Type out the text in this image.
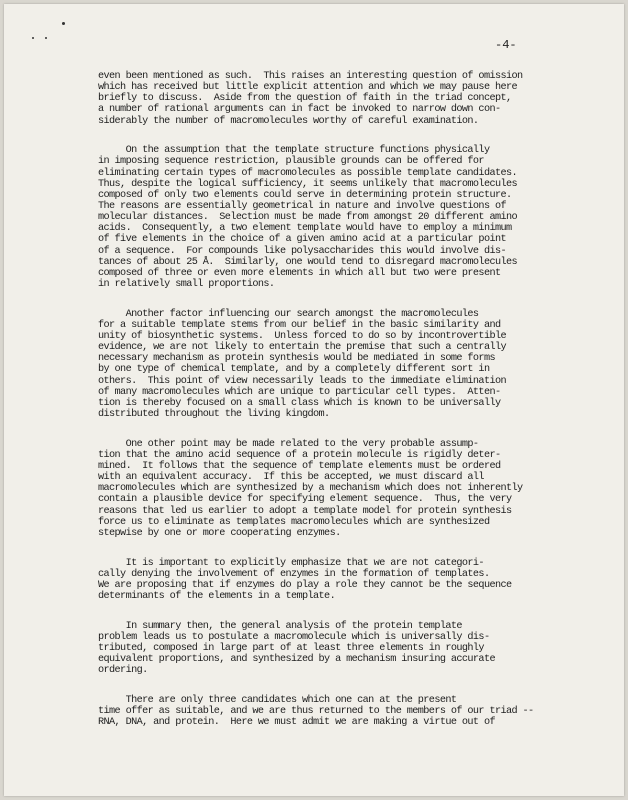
-4-
even been mentioned as such.  This raises an interesting question of omission
which has received but little explicit attention and which we may pause here
briefly to discuss.  Aside from the question of faith in the triad concept,
a number of rational arguments can in fact be invoked to narrow down con-
siderably the number of macromolecules worthy of careful examination.
On the assumption that the template structure functions physically
in imposing sequence restriction, plausible grounds can be offered for
eliminating certain types of macromolecules as possible template candidates.
Thus, despite the logical sufficiency, it seems unlikely that macromolecules
composed of only two elements could serve in determining protein structure.
The reasons are essentially geometrical in nature and involve questions of
molecular distances.  Selection must be made from amongst 20 different amino
acids.  Consequently, a two element template would have to employ a minimum
of five elements in the choice of a given amino acid at a particular point
of a sequence.  For compounds like polysaccharides this would involve dis-
tances of about 25 Å.  Similarly, one would tend to disregard macromolecules
composed of three or even more elements in which all but two were present
in relatively small proportions.
Another factor influencing our search amongst the macromolecules
for a suitable template stems from our belief in the basic similarity and
unity of biosynthetic systems.  Unless forced to do so by incontrovertible
evidence, we are not likely to entertain the premise that such a centrally
necessary mechanism as protein synthesis would be mediated in some forms
by one type of chemical template, and by a completely different sort in
others.  This point of view necessarily leads to the immediate elimination
of many macromolecules which are unique to particular cell types.  Atten-
tion is thereby focused on a small class which is known to be universally
distributed throughout the living kingdom.
One other point may be made related to the very probable assump-
tion that the amino acid sequence of a protein molecule is rigidly deter-
mined.  It follows that the sequence of template elements must be ordered
with an equivalent accuracy.  If this be accepted, we must discard all
macromolecules which are synthesized by a mechanism which does not inherently
contain a plausible device for specifying element sequence.  Thus, the very
reasons that led us earlier to adopt a template model for protein synthesis
force us to eliminate as templates macromolecules which are synthesized
stepwise by one or more cooperating enzymes.
It is important to explicitly emphasize that we are not categori-
cally denying the involvement of enzymes in the formation of templates.
We are proposing that if enzymes do play a role they cannot be the sequence
determinants of the elements in a template.
In summary then, the general analysis of the protein template
problem leads us to postulate a macromolecule which is universally dis-
tributed, composed in large part of at least three elements in roughly
equivalent proportions, and synthesized by a mechanism insuring accurate
ordering.
There are only three candidates which one can at the present
time offer as suitable, and we are thus returned to the members of our triad --
RNA, DNA, and protein.  Here we must admit we are making a virtue out of
